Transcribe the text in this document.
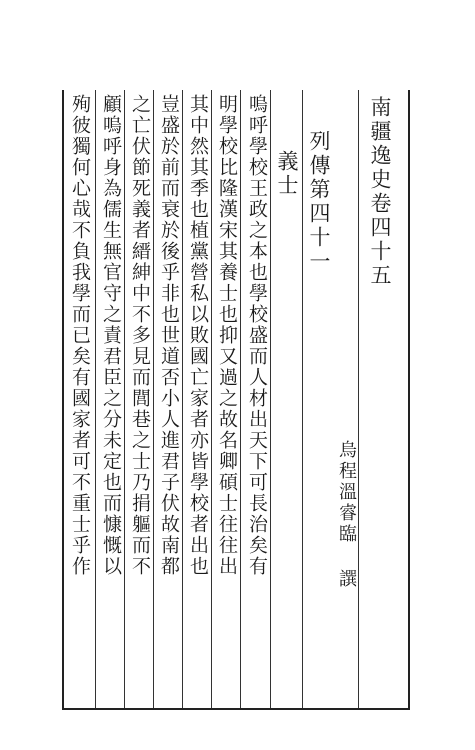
南疆逸史卷四十五
烏程溫睿臨 譔
列傳第四十一
義士
嗚呼學校王政之本也學校盛而人材出天下可長治矣有
明學校比隆漢宋其養士也抑又過之故名卿碩士往往出
其中然其季也植黨營私以敗國亡家者亦皆學校者出也
豈盛於前而衰於後乎非也世道否小人進君子伏故南都
之亡伏節死義者縉紳中不多見而閭巷之士乃捐軀而不
顧嗚呼身為儒生無官守之責君臣之分未定也而慷慨以
殉彼獨何心哉不負我學而已矣有國家者可不重士乎作
